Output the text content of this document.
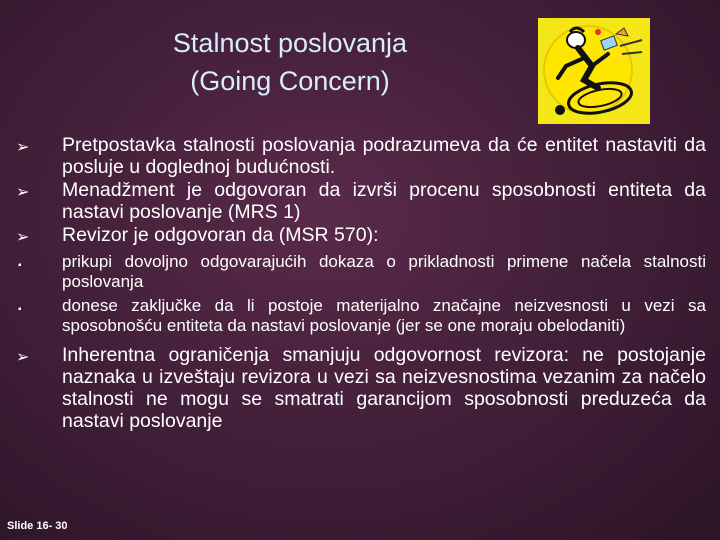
Stalnost poslovanja
(Going Concern)
➢ Pretpostavka stalnosti poslovanja podrazumeva da će entitet nastaviti da posluje u doglednoj budućnosti.
➢ Menadžment je odgovoran da izvrši procenu sposobnosti entiteta da nastavi poslovanje (MRS 1)
➢ Revizor je odgovoran da (MSR 570):
▪	prikupi dovoljno odgovarajućih dokaza o prikladnosti primene načela stalnosti poslovanja
▪	donese zaključke da li postoje materijalno značajne neizvesnosti u vezi sa sposobnošću entiteta da nastavi poslovanje (jer se one moraju obelodaniti)
➢ Inherentna ograničenja smanjuju odgovornost revizora: ne postojanje naznaka u izveštaju revizora u vezi sa neizvesnostima vezanim za načelo stalnosti ne mogu se smatrati garancijom sposobnosti preduzeća da nastavi poslovanje
Slide 16- 30
